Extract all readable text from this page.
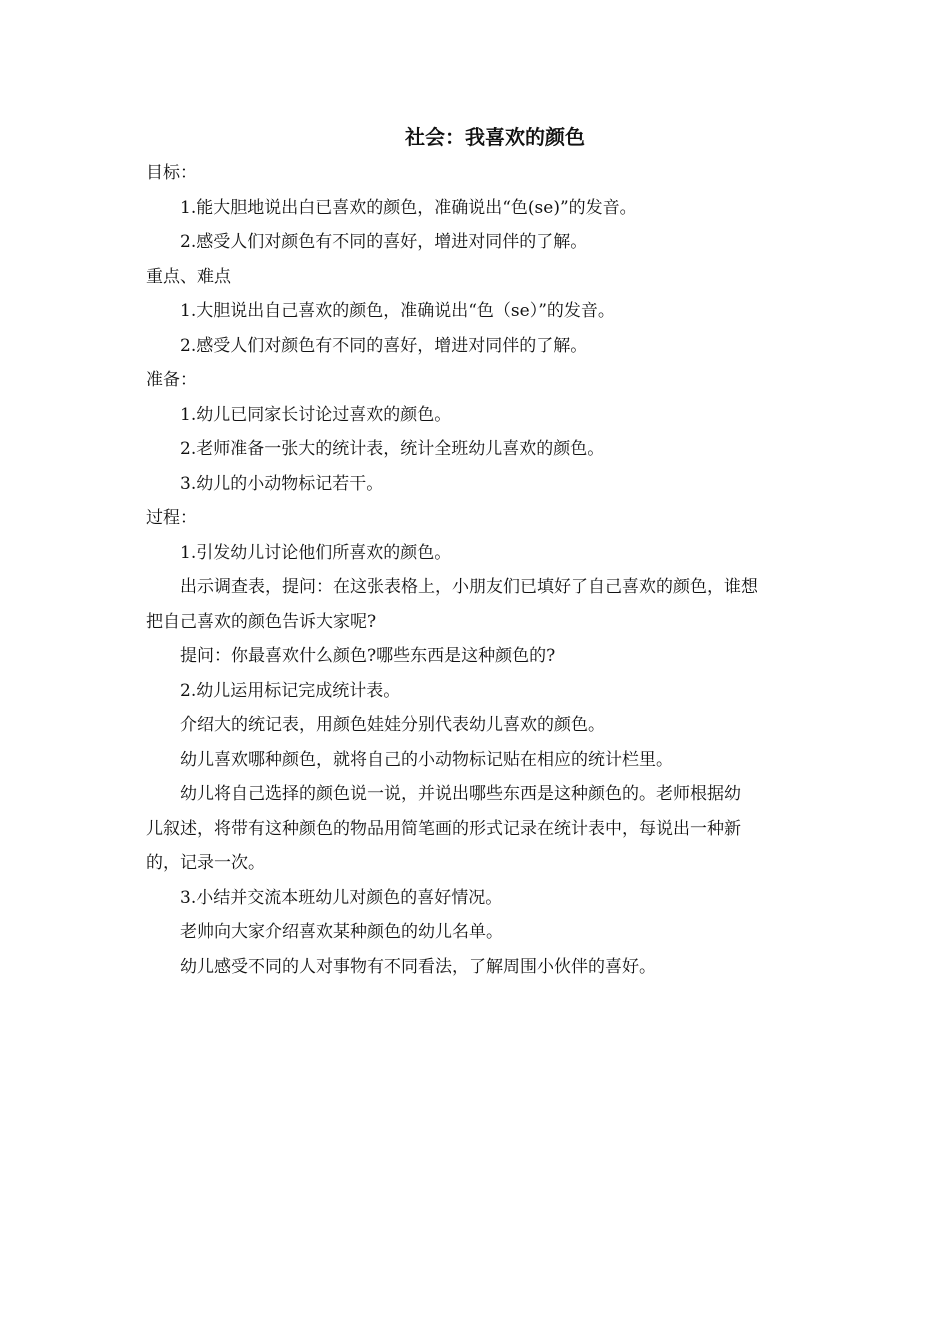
社会：我喜欢的颜色
目标：
1.能大胆地说出白已喜欢的颜色，准确说出“色(se)”的发音。
2.感受人们对颜色有不同的喜好，增进对同伴的了解。
重点、难点
1.大胆说出自己喜欢的颜色，准确说出“色（se）”的发音。
2.感受人们对颜色有不同的喜好，增进对同伴的了解。
准备：
1.幼儿已同家长讨论过喜欢的颜色。
2.老师准备一张大的统计表，统计全班幼儿喜欢的颜色。
3.幼儿的小动物标记若干。
过程：
1.引发幼儿讨论他们所喜欢的颜色。
出示调查表，提问：在这张表格上，小朋友们已填好了自己喜欢的颜色，谁想
把自己喜欢的颜色告诉大家呢?
提问：你最喜欢什么颜色?哪些东西是这种颜色的?
2.幼儿运用标记完成统计表。
介绍大的统记表，用颜色娃娃分别代表幼儿喜欢的颜色。
幼儿喜欢哪种颜色，就将自己的小动物标记贴在相应的统计栏里。
幼儿将自己选择的颜色说一说，并说出哪些东西是这种颜色的。老师根据幼
儿叙述，将带有这种颜色的物品用简笔画的形式记录在统计表中，每说出一种新
的，记录一次。
3.小结并交流本班幼儿对颜色的喜好情况。
老帅向大家介绍喜欢某种颜色的幼儿名单。
幼儿感受不同的人对事物有不同看法，了解周围小伙伴的喜好。
